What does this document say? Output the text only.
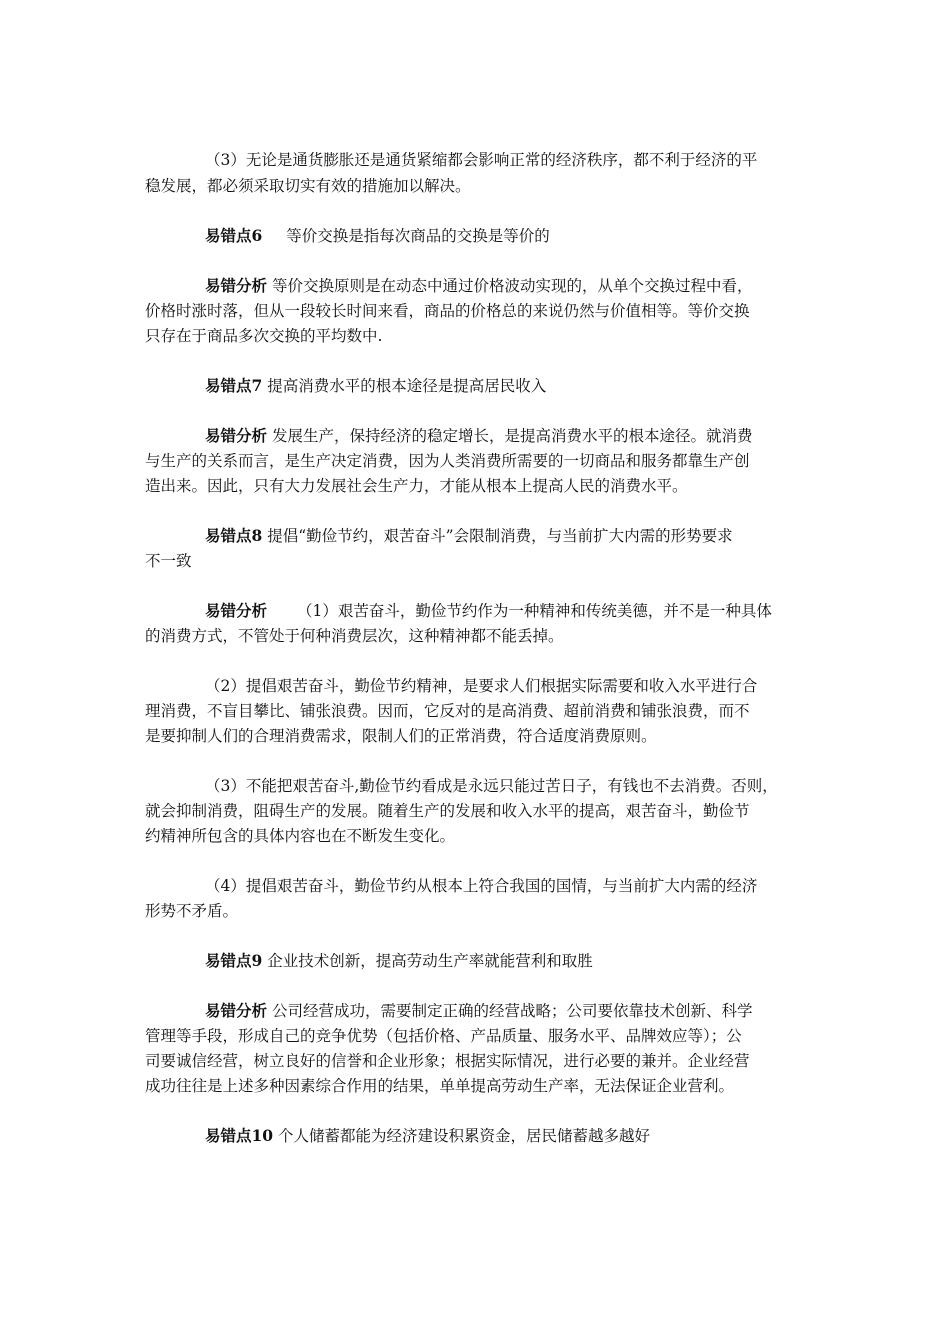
（3）无论是通货膨胀还是通货紧缩都会影响正常的经济秩序，都不利于经济的平
稳发展，都必须采取切实有效的措施加以解决。
易错点6 等价交换是指每次商品的交换是等价的
易错分析 等价交换原则是在动态中通过价格波动实现的，从单个交换过程中看，
价格时涨时落，但从一段较长时间来看，商品的价格总的来说仍然与价值相等。等价交换
只存在于商品多次交换的平均数中.
易错点7 提高消费水平的根本途径是提高居民收入
易错分析 发展生产，保持经济的稳定增长，是提高消费水平的根本途径。就消费
与生产的关系而言，是生产决定消费，因为人类消费所需要的一切商品和服务都靠生产创
造出来。因此，只有大力发展社会生产力，才能从根本上提高人民的消费水平。
易错点8 提倡“勤俭节约，艰苦奋斗”会限制消费，与当前扩大内需的形势要求
不一致
易错分析 （1）艰苦奋斗，勤俭节约作为一种精神和传统美德，并不是一种具体
的消费方式，不管处于何种消费层次，这种精神都不能丢掉。
（2）提倡艰苦奋斗，勤俭节约精神，是要求人们根据实际需要和收入水平进行合
理消费，不盲目攀比、铺张浪费。因而，它反对的是高消费、超前消费和铺张浪费，而不
是要抑制人们的合理消费需求，限制人们的正常消费，符合适度消费原则。
（3）不能把艰苦奋斗,勤俭节约看成是永远只能过苦日子，有钱也不去消费。否则，
就会抑制消费，阻碍生产的发展。随着生产的发展和收入水平的提高，艰苦奋斗，勤俭节
约精神所包含的具体内容也在不断发生变化。
（4）提倡艰苦奋斗，勤俭节约从根本上符合我国的国情，与当前扩大内需的经济
形势不矛盾。
易错点9 企业技术创新，提高劳动生产率就能营利和取胜
易错分析 公司经营成功，需要制定正确的经营战略；公司要依靠技术创新、科学
管理等手段，形成自己的竞争优势（包括价格、产品质量、服务水平、品牌效应等）；公
司要诚信经营，树立良好的信誉和企业形象；根据实际情况，进行必要的兼并。企业经营
成功往往是上述多种因素综合作用的结果，单单提高劳动生产率，无法保证企业营利。
易错点10 个人储蓄都能为经济建设积累资金，居民储蓄越多越好
